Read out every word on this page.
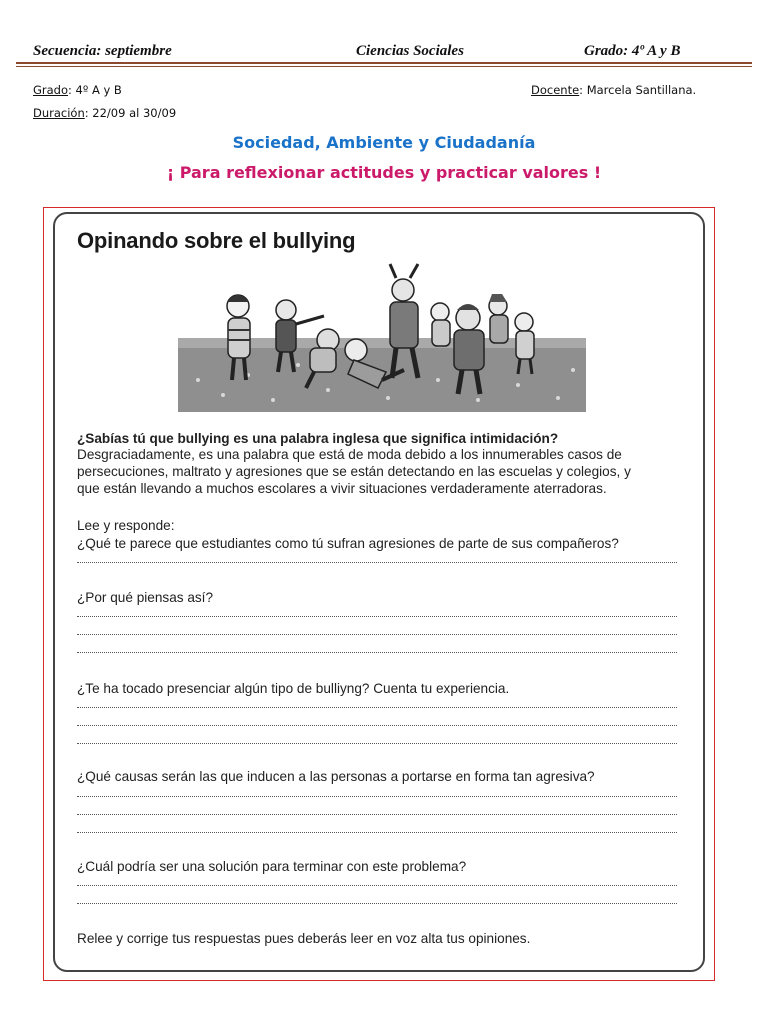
Secuencia: septiembre	Ciencias Sociales	Grado: 4º A y B
Grado: 4º A y B
Duración: 22/09 al 30/09
Docente: Marcela Santillana.
Sociedad, Ambiente y Ciudadanía
¡ Para reflexionar actitudes y practicar valores !
Opinando sobre el bullying
¿Sabías tú que bullying es una palabra inglesa que significa intimidación?
Desgraciadamente, es una palabra que está de moda debido a los innumerables casos de
persecuciones, maltrato y agresiones que se están detectando en las escuelas y colegios, y
que están llevando a muchos escolares a vivir situaciones verdaderamente aterradoras.
Lee y responde:
¿Qué te parece que estudiantes como tú sufran agresiones de parte de sus compañeros?
¿Por qué piensas así?
¿Te ha tocado presenciar algún tipo de bulliyng? Cuenta tu experiencia.
¿Qué causas serán las que inducen a las personas a portarse en forma tan agresiva?
¿Cuál podría ser una solución para terminar con este problema?
Relee y corrige tus respuestas pues deberás leer en voz alta tus opiniones.
